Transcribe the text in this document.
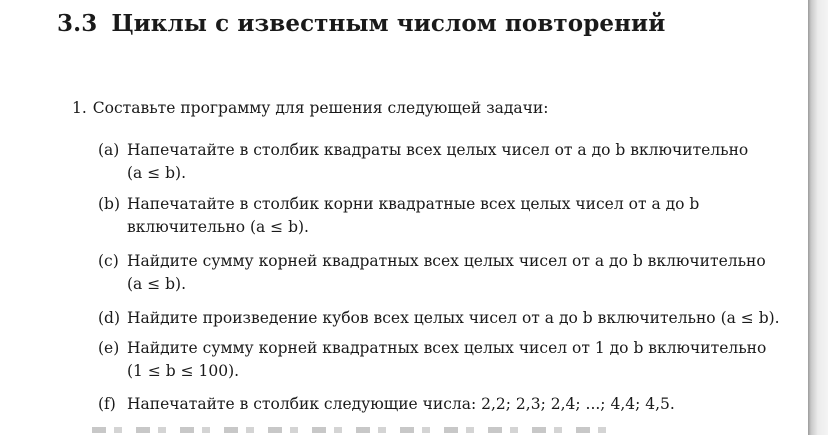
3.3 Циклы с известным числом повторений
1. Составьте программу для решения следующей задачи:
(a) Напечатайте в столбик квадраты всех целых чисел от a до b включительно
(a ≤ b).
(b) Напечатайте в столбик корни квадратные всех целых чисел от a до b
включительно (a ≤ b).
(c) Найдите сумму корней квадратных всех целых чисел от a до b включительно
(a ≤ b).
(d) Найдите произведение кубов всех целых чисел от a до b включительно (a ≤ b).
(e) Найдите сумму корней квадратных всех целых чисел от 1 до b включительно
(1 ≤ b ≤ 100).
(f) Напечатайте в столбик следующие числа: 2,2; 2,3; 2,4; ...; 4,4; 4,5.
